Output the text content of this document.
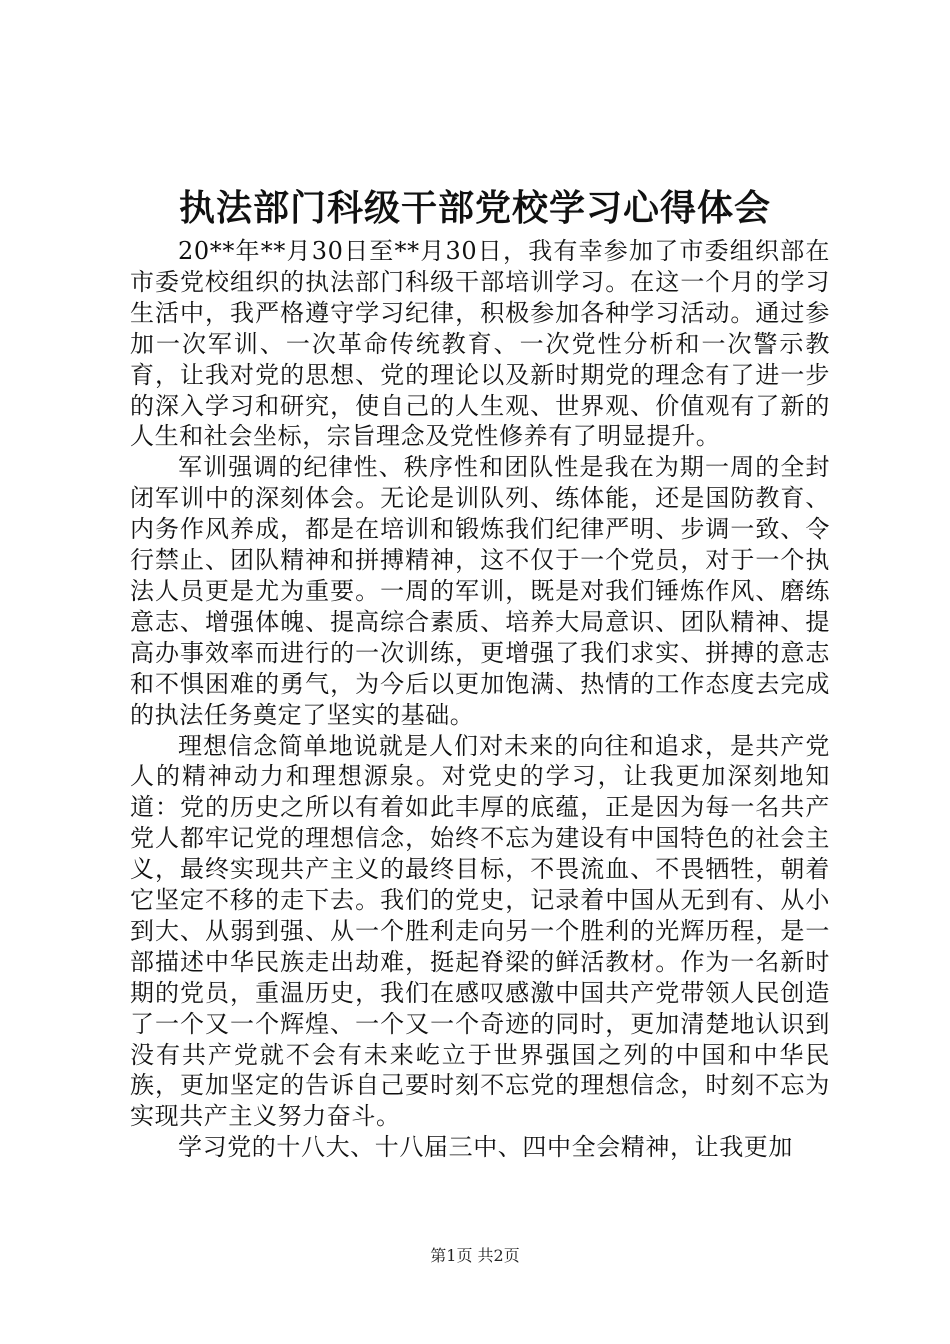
执法部门科级干部党校学习心得体会

20**年**月30日至**月30日，我有幸参加了市委组织部在市委党校组织的执法部门科级干部培训学习。在这一个月的学习生活中，我严格遵守学习纪律，积极参加各种学习活动。通过参加一次军训、一次革命传统教育、一次党性分析和一次警示教育，让我对党的思想、党的理论以及新时期党的理念有了进一步的深入学习和研究，使自己的人生观、世界观、价值观有了新的人生和社会坐标，宗旨理念及党性修养有了明显提升。

军训强调的纪律性、秩序性和团队性是我在为期一周的全封闭军训中的深刻体会。无论是训队列、练体能，还是国防教育、内务作风养成，都是在培训和锻炼我们纪律严明、步调一致、令行禁止、团队精神和拼搏精神，这不仅于一个党员，对于一个执法人员更是尤为重要。一周的军训，既是对我们锤炼作风、磨练意志、增强体魄、提高综合素质、培养大局意识、团队精神、提高办事效率而进行的一次训练，更增强了我们求实、拼搏的意志和不惧困难的勇气，为今后以更加饱满、热情的工作态度去完成的执法任务奠定了坚实的基础。

理想信念简单地说就是人们对未来的向往和追求，是共产党人的精神动力和理想源泉。对党史的学习，让我更加深刻地知道：党的历史之所以有着如此丰厚的底蕴，正是因为每一名共产党人都牢记党的理想信念，始终不忘为建设有中国特色的社会主义，最终实现共产主义的最终目标，不畏流血、不畏牺牲，朝着它坚定不移的走下去。我们的党史，记录着中国从无到有、从小到大、从弱到强、从一个胜利走向另一个胜利的光辉历程，是一部描述中华民族走出劫难，挺起脊梁的鲜活教材。作为一名新时期的党员，重温历史，我们在感叹感激中国共产党带领人民创造了一个又一个辉煌、一个又一个奇迹的同时，更加清楚地认识到没有共产党就不会有未来屹立于世界强国之列的中国和中华民族，更加坚定的告诉自己要时刻不忘党的理想信念，时刻不忘为实现共产主义努力奋斗。

学习党的十八大、十八届三中、四中全会精神，让我更加

第1页 共2页
